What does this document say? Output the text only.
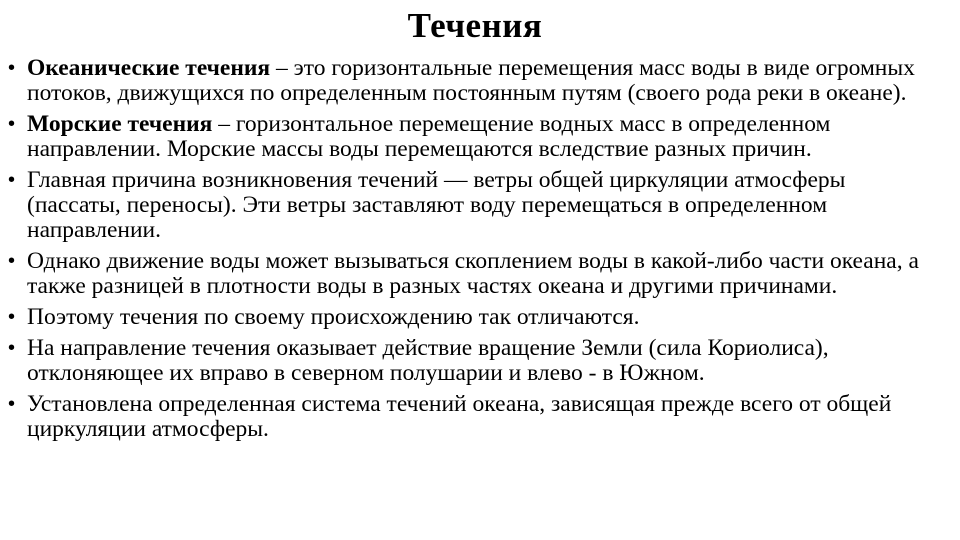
Течения
• Океанические течения – это горизонтальные перемещения масс воды в виде огромных потоков, движущихся по определенным постоянным путям (своего рода реки в океане).
• Морские течения – горизонтальное перемещение водных масс в определенном направлении. Морские массы воды перемещаются вследствие разных причин.
• Главная причина возникновения течений — ветры общей циркуляции атмосферы (пассаты, переносы). Эти ветры заставляют воду перемещаться в определенном направлении.
• Однако движение воды может вызываться скоплением воды в какой-либо части океана, а также разницей в плотности воды в разных частях океана и другими причинами.
• Поэтому течения по своему происхождению так отличаются.
• На направление течения оказывает действие вращение Земли (сила Кориолиса), отклоняющее их вправо в северном полушарии и влево - в Южном.
• Установлена определенная система течений океана, зависящая прежде всего от общей циркуляции атмосферы.
